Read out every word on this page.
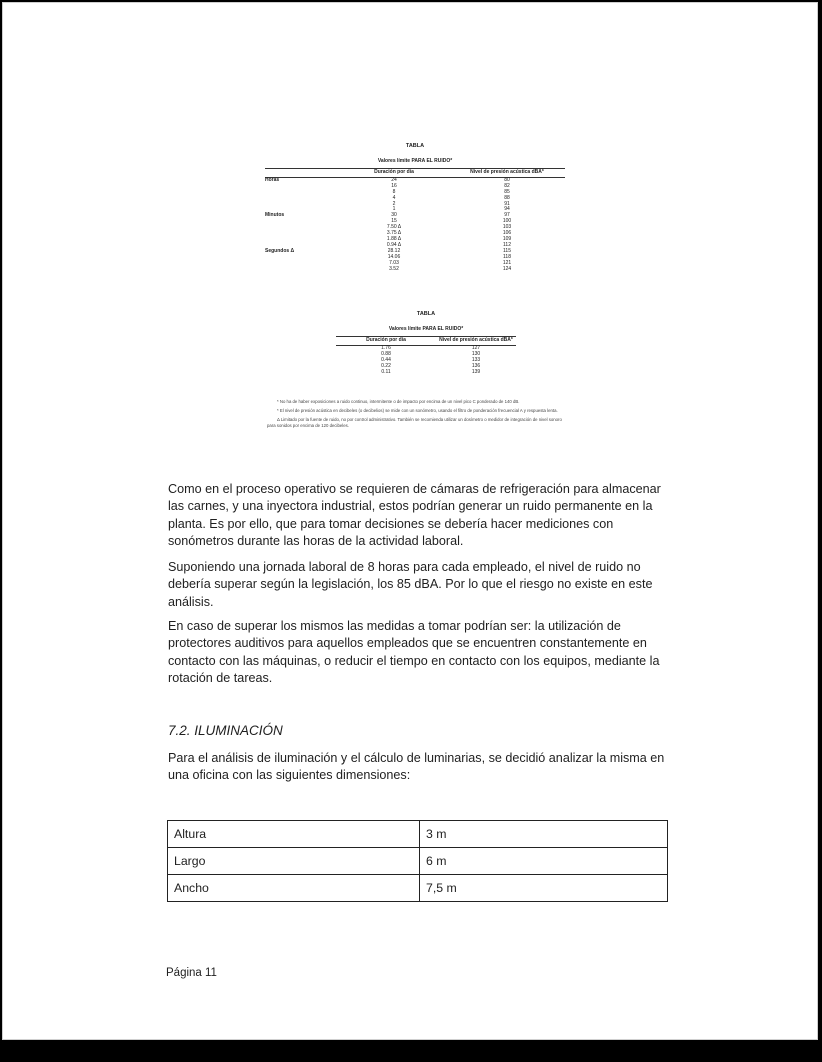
TABLA
Valores límite PARA EL RUIDO*
	Duración por día	Nivel de presión acústica dBA*
Horas	24	80
	16	82
	8	85
	4	88
	2	91
	1	94
Minutos	30	97
	15	100
	7.50 Δ	103
	3.75 Δ	106
	1.88 Δ	109
	0.94 Δ	112
Segundos Δ	28.12	115
	14.06	118
	7.03	121
	3.52	124
TABLA
Valores límite PARA EL RUIDO*
Duración por día	Nivel de presión acústica dBA*
1.76	127
0.88	130
0.44	133
0.22	136
0.11	139

* No ha de haber exposiciones a ruido continuo, intermitente o de impacto por encima de un nivel pico C ponderado de 140 dB.

* El nivel de presión acústica en decibeles (o decibelios) se mide con un sonómetro, usando el filtro de ponderación frecuencial A y respuesta lenta.

Δ Limitado por la fuente de ruido, no por control administrativo. También se recomienda utilizar un dosímetro o medidor de integración de nivel sonoro para sonidos por encima de 120 decibeles.

Como en el proceso operativo se requieren de cámaras de refrigeración para almacenar las carnes, y una inyectora industrial, estos podrían generar un ruido permanente en la planta. Es por ello, que para tomar decisiones se debería hacer mediciones con sonómetros durante las horas de la actividad laboral.

Suponiendo una jornada laboral de 8 horas para cada empleado, el nivel de ruido no debería superar según la legislación, los 85 dBA. Por lo que el riesgo no existe en este análisis.

En caso de superar los mismos las medidas a tomar podrían ser: la utilización de protectores auditivos para aquellos empleados que se encuentren constantemente en contacto con las máquinas, o reducir el tiempo en contacto con los equipos, mediante la rotación de tareas.

7.2. ILUMINACIÓN

Para el análisis de iluminación y el cálculo de luminarias, se decidió analizar la misma en una oficina con las siguientes dimensiones:

Altura	3 m
Largo	6 m
Ancho	7,5 m
Página 11
